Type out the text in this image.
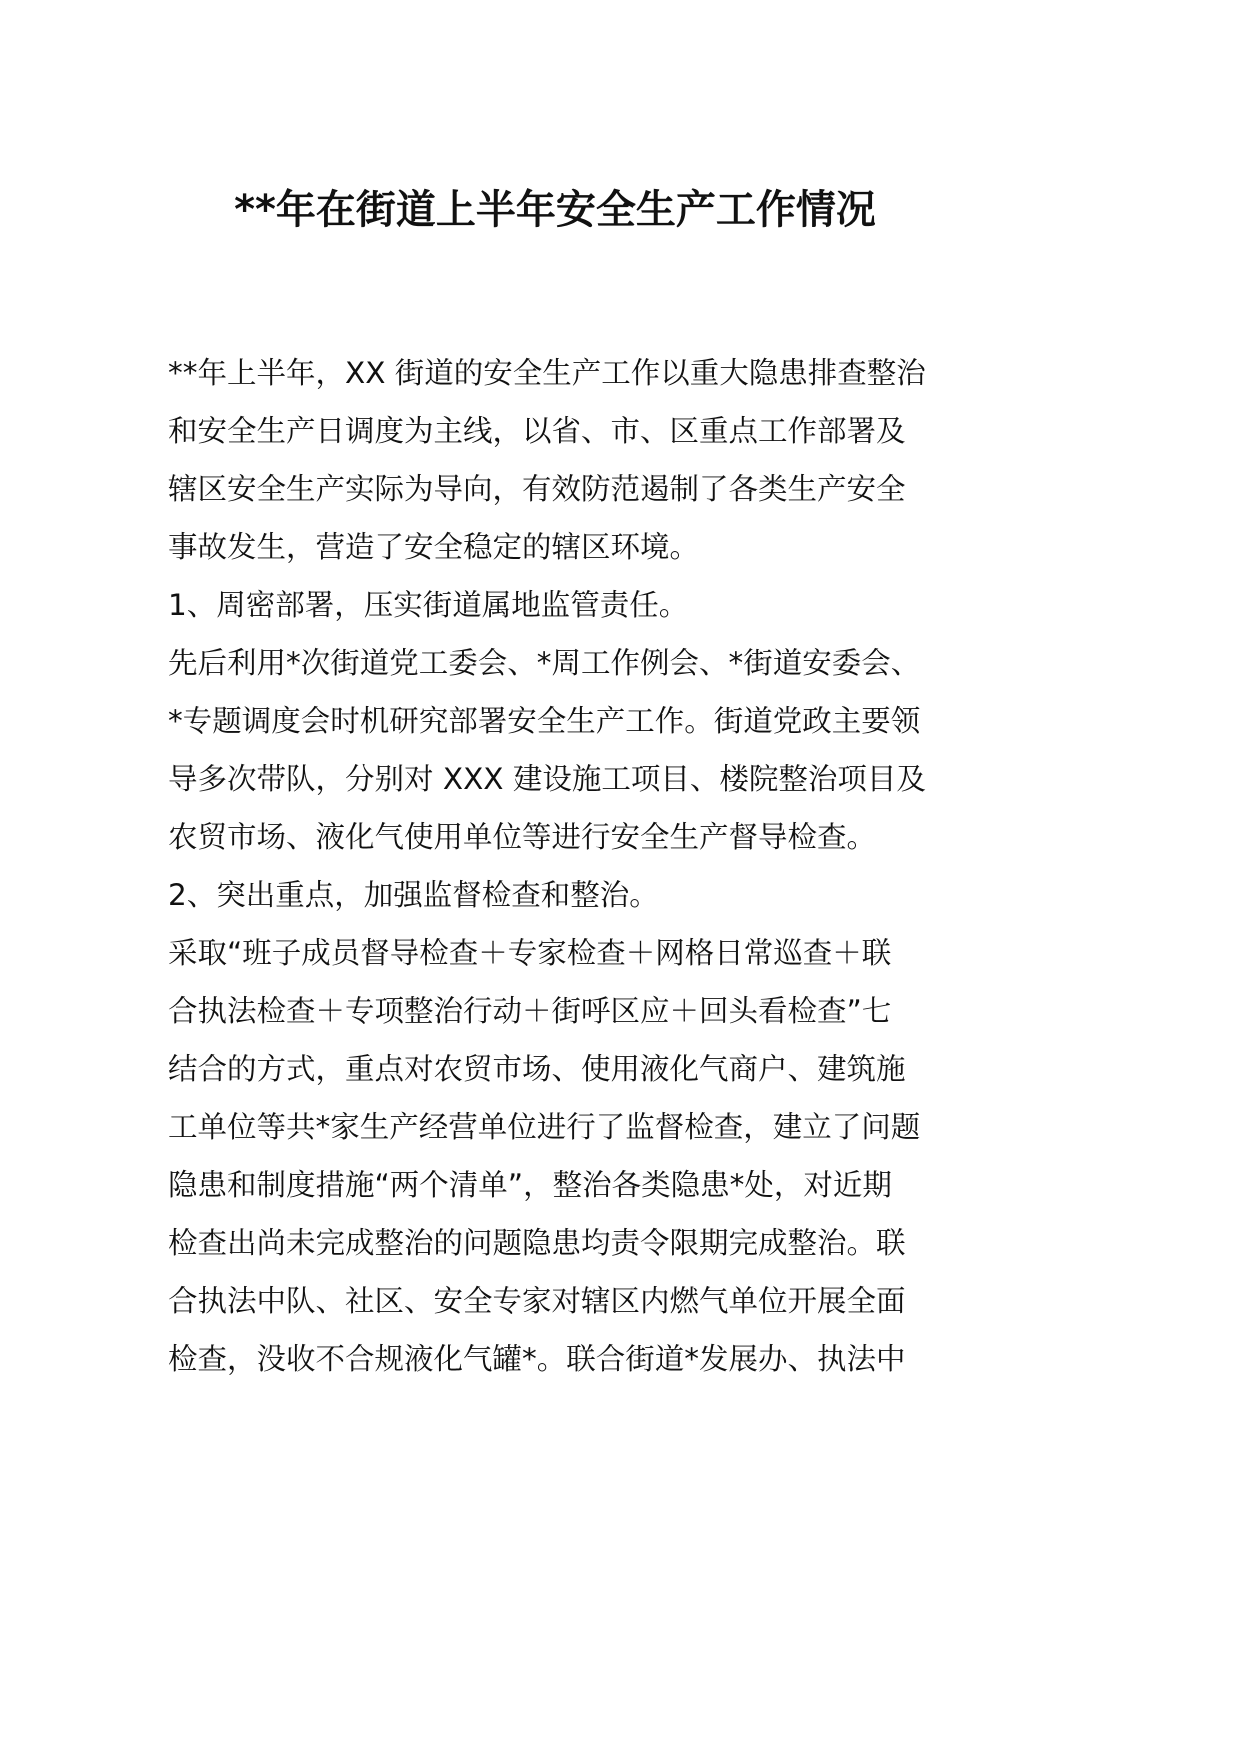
**年在街道上半年安全生产工作情况
**年上半年，XX 街道的安全生产工作以重大隐患排查整治
和安全生产日调度为主线，以省、市、区重点工作部署及
辖区安全生产实际为导向，有效防范遏制了各类生产安全
事故发生，营造了安全稳定的辖区环境。
1、周密部署，压实街道属地监管责任。
先后利用*次街道党工委会、*周工作例会、*街道安委会、
*专题调度会时机研究部署安全生产工作。街道党政主要领
导多次带队，分别对 XXX 建设施工项目、楼院整治项目及
农贸市场、液化气使用单位等进行安全生产督导检查。
2、突出重点，加强监督检查和整治。
采取“班子成员督导检查＋专家检查＋网格日常巡查＋联
合执法检查＋专项整治行动＋街呼区应＋回头看检查”七
结合的方式，重点对农贸市场、使用液化气商户、建筑施
工单位等共*家生产经营单位进行了监督检查，建立了问题
隐患和制度措施“两个清单”，整治各类隐患*处，对近期
检查出尚未完成整治的问题隐患均责令限期完成整治。联
合执法中队、社区、安全专家对辖区内燃气单位开展全面
检查，没收不合规液化气罐*。联合街道*发展办、执法中
